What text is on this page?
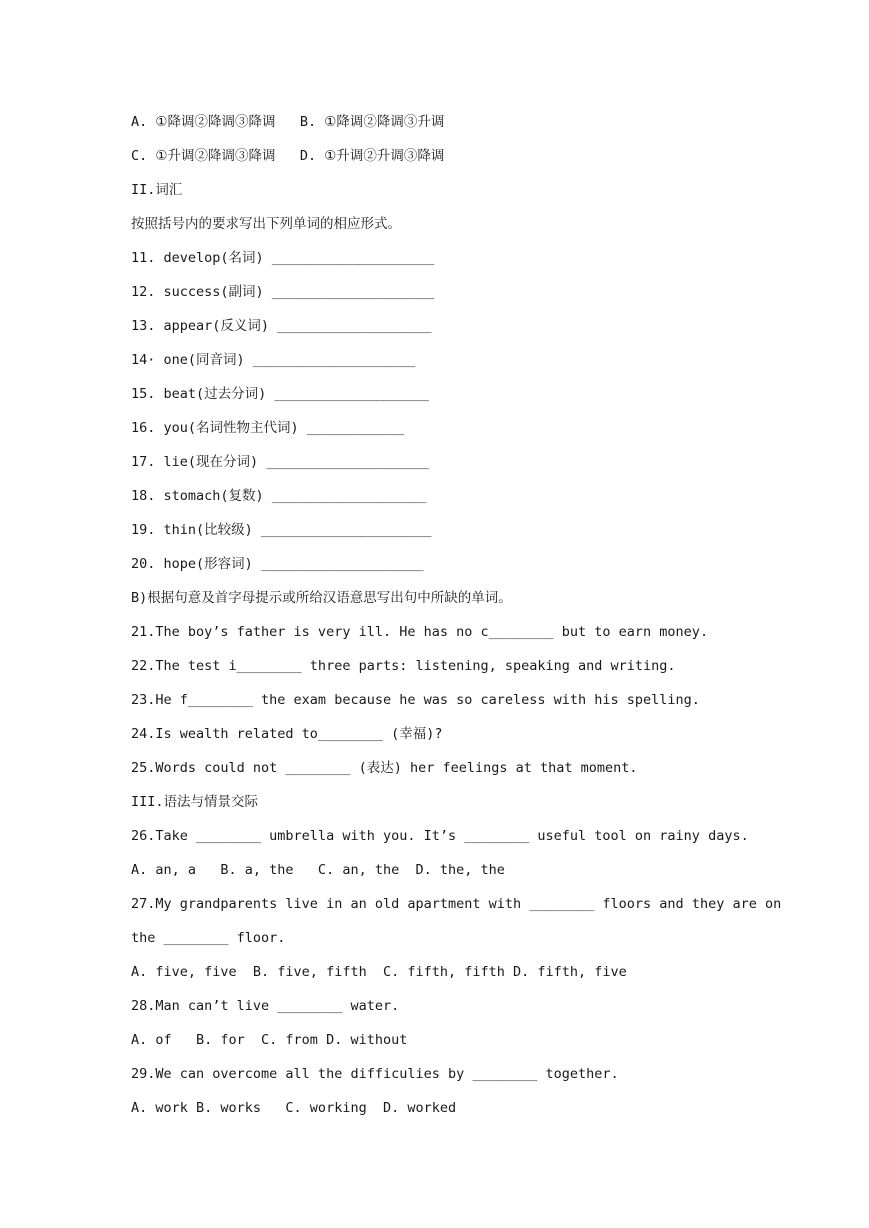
A. ①降调②降调③降调   B. ①降调②降调③升调
C. ①升调②降调③降调   D. ①升调②升调③降调
II.词汇
按照括号内的要求写出下列单词的相应形式。
11. develop(名词) ____________________
12. success(副词) ____________________
13. appear(反义词) ___________________
14· one(同音词) ____________________
15. beat(过去分词) ___________________
16. you(名词性物主代词) ____________
17. lie(现在分词) ____________________
18. stomach(复数) ___________________
19. thin(比较级) _____________________
20. hope(形容词) ____________________
B)根据句意及首字母提示或所给汉语意思写出句中所缺的单词。
21.The boy’s father is very ill. He has no c________ but to earn money.
22.The test i________ three parts: listening, speaking and writing.
23.He f________ the exam because he was so careless with his spelling.
24.Is wealth related to________ (幸福)?
25.Words could not ________ (表达) her feelings at that moment.
III.语法与情景交际
26.Take ________ umbrella with you. It’s ________ useful tool on rainy days.
A. an, a   B. a, the   C. an, the  D. the, the
27.My grandparents live in an old apartment with ________ floors and they are on
the ________ floor.
A. five, five  B. five, fifth  C. fifth, fifth D. fifth, five
28.Man can’t live ________ water.
A. of   B. for  C. from D. without
29.We can overcome all the difficulies by ________ together.
A. work B. works   C. working  D. worked
